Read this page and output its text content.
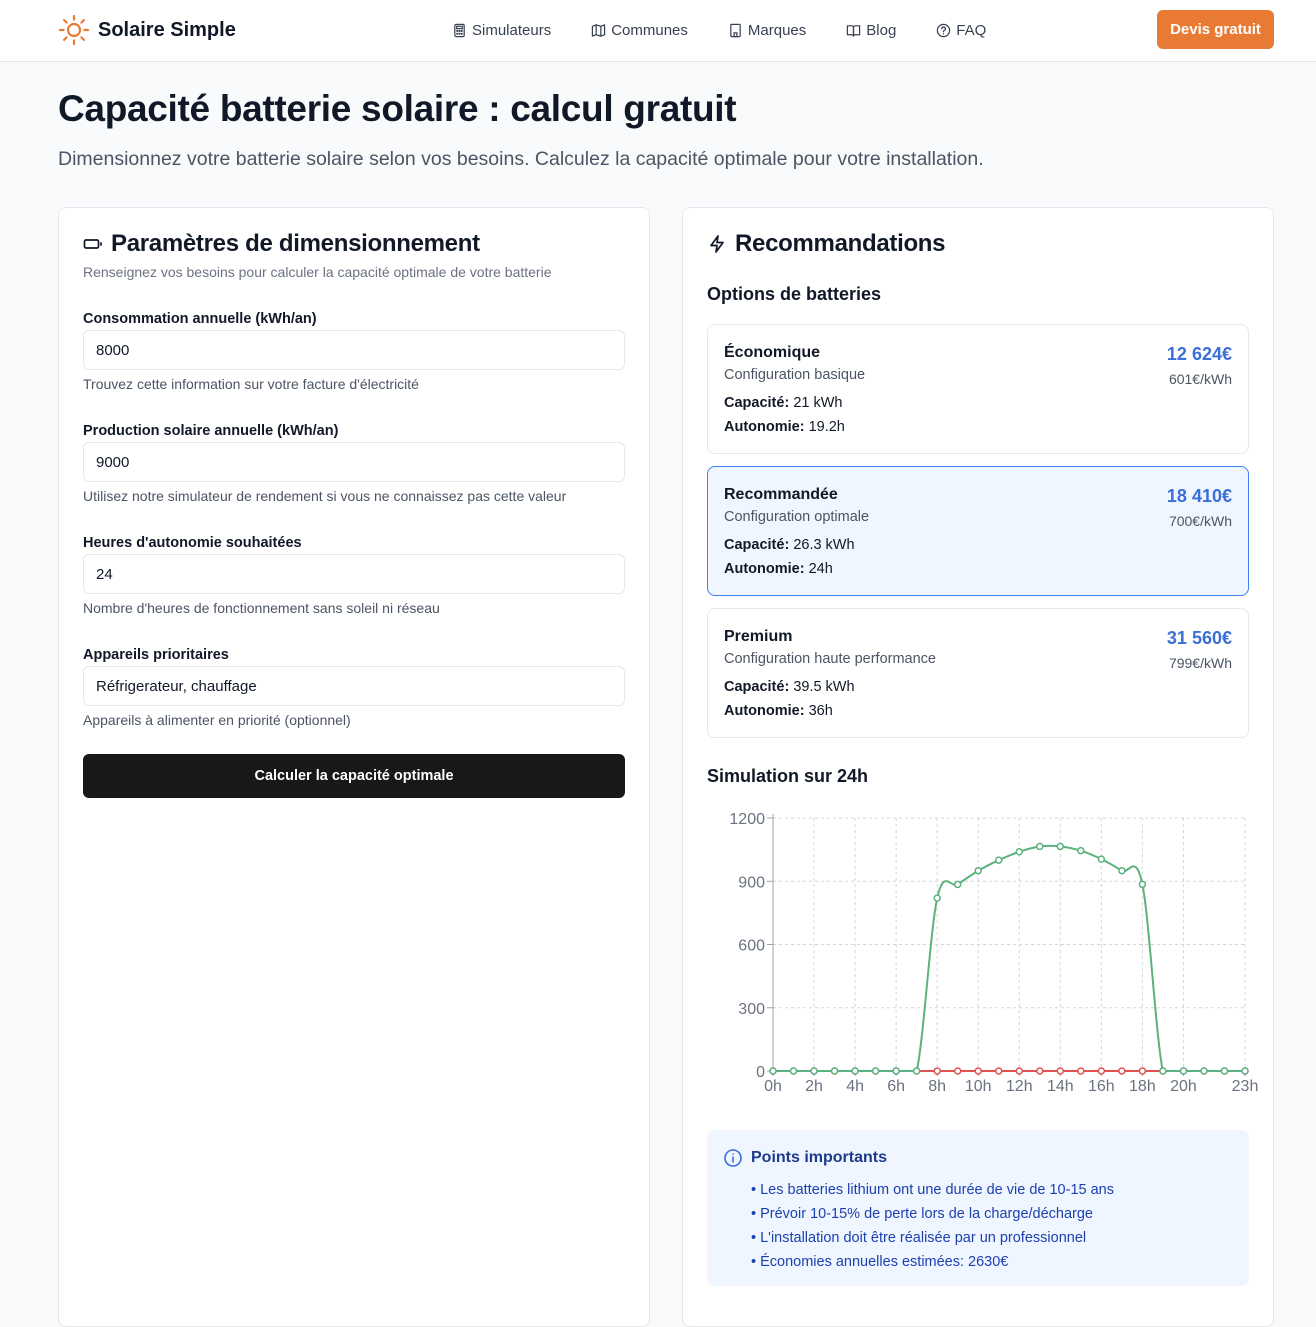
Solaire Simple	Simulateurs	Communes	Marques	Blog	FAQ	Devis gratuit
Capacité batterie solaire : calcul gratuit

Dimensionnez votre batterie solaire selon vos besoins. Calculez la capacité optimale pour votre installation.

Paramètres de dimensionnement
Renseignez vos besoins pour calculer la capacité optimale de votre batterie
Consommation annuelle (kWh/an)
8000
Trouvez cette information sur votre facture d'électricité
Production solaire annuelle (kWh/an)
9000
Utilisez notre simulateur de rendement si vous ne connaissez pas cette valeur
Heures d'autonomie souhaitées
24
Nombre d'heures de fonctionnement sans soleil ni réseau
Appareils prioritaires
Réfrigerateur, chauffage
Appareils à alimenter en priorité (optionnel)
Calculer la capacité optimale
Recommandations
Options de batteries
Économique
Configuration basique
Capacité: 21 kWh
Autonomie: 19.2h
12 624€
601€/kWh
Recommandée
Configuration optimale
Capacité: 26.3 kWh
Autonomie: 24h
18 410€
700€/kWh
Premium
Configuration haute performance
Capacité: 39.5 kWh
Autonomie: 36h
31 560€
799€/kWh
Simulation sur 24h
0
300
600
900
1200
0h 2h 4h 6h 8h 10h 12h 14h 16h 18h 20h 23h
Points importants
• Les batteries lithium ont une durée de vie de 10-15 ans
• Prévoir 10-15% de perte lors de la charge/décharge
• L'installation doit être réalisée par un professionnel
• Économies annuelles estimées: 2630€
